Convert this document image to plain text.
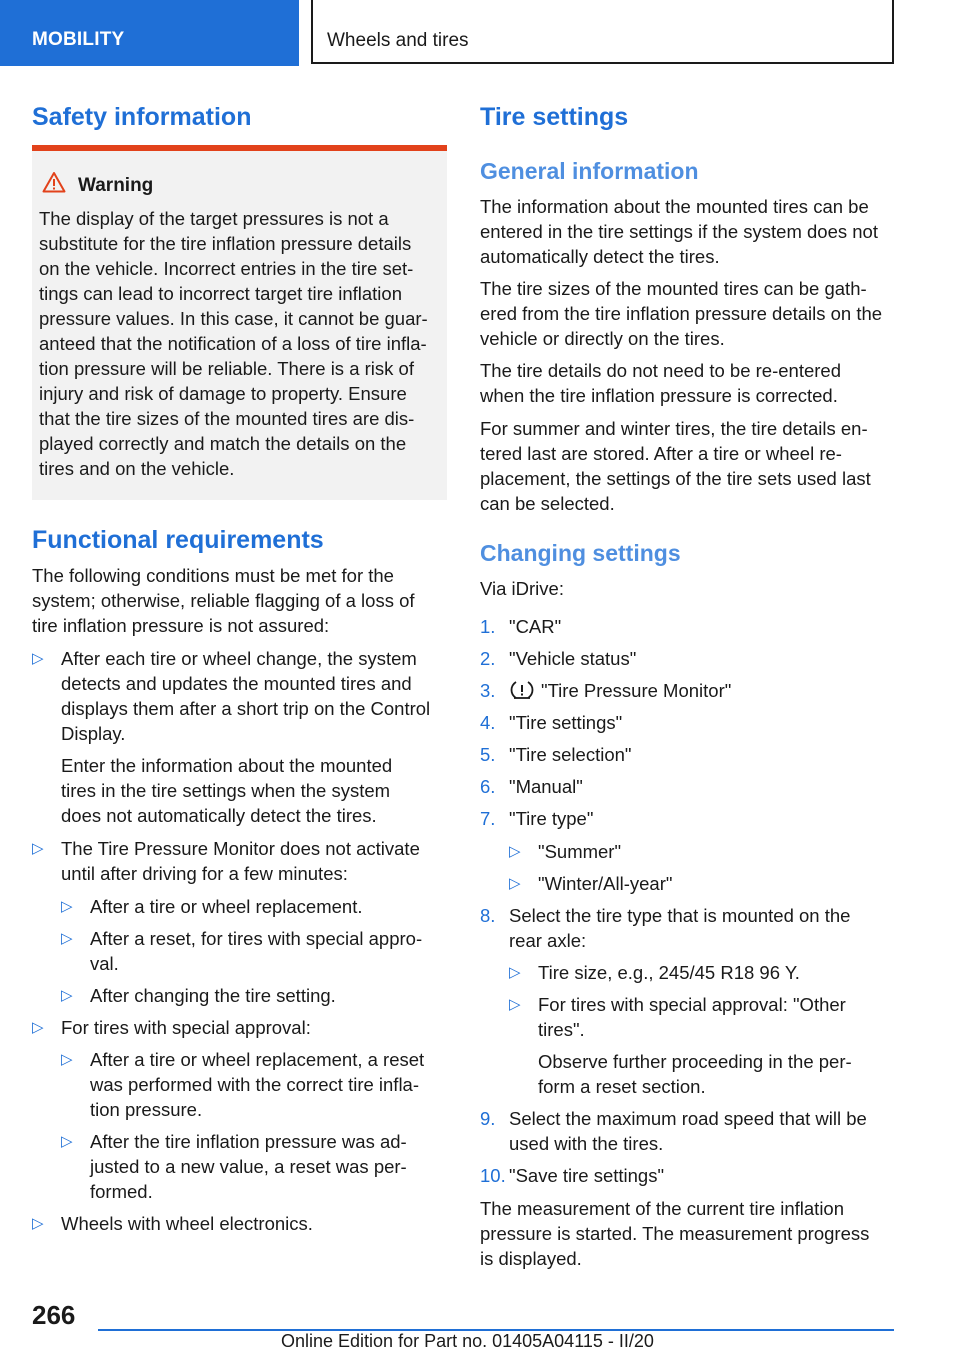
MOBILITY	Wheels and tires
Safety information
Warning
The display of the target pressures is not a
substitute for the tire inflation pressure details
on the vehicle. Incorrect entries in the tire set‐
tings can lead to incorrect target tire inflation
pressure values. In this case, it cannot be guar‐
anteed that the notification of a loss of tire infla‐
tion pressure will be reliable. There is a risk of
injury and risk of damage to property. Ensure
that the tire sizes of the mounted tires are dis‐
played correctly and match the details on the
tires and on the vehicle.
Functional requirements

The following conditions must be met for the

system; otherwise, reliable flagging of a loss of

tire inflation pressure is not assured:

▷ After each tire or wheel change, the system
detects and updates the mounted tires and
displays them after a short trip on the Control
Display.
Enter the information about the mounted
tires in the tire settings when the system
does not automatically detect the tires.
▷ The Tire Pressure Monitor does not activate
until after driving for a few minutes:
▷ After a tire or wheel replacement.
▷ After a reset, for tires with special appro‐
val.
▷ After changing the tire setting.
▷ For tires with special approval:
▷ After a tire or wheel replacement, a reset
was performed with the correct tire infla‐
tion pressure.
▷ After the tire inflation pressure was ad‐
justed to a new value, a reset was per‐
formed.
▷ Wheels with wheel electronics.
Tire settings
General information

The information about the mounted tires can be

entered in the tire settings if the system does not

automatically detect the tires.

The tire sizes of the mounted tires can be gath‐

ered from the tire inflation pressure details on the

vehicle or directly on the tires.

The tire details do not need to be re-entered

when the tire inflation pressure is corrected.

For summer and winter tires, the tire details en‐

tered last are stored. After a tire or wheel re‐

placement, the settings of the tire sets used last

can be selected.

Changing settings

Via iDrive:

1. "CAR"
2. "Vehicle status"
3.	"Tire Pressure Monitor"
4. "Tire settings"
5. "Tire selection"
6. "Manual"
7. "Tire type"
▷ "Summer"
▷ "Winter/All-year"
8. Select the tire type that is mounted on the
rear axle:
▷ Tire size, e.g., 245/45 R18 96 Y.
▷ For tires with special approval: "Other
tires".
Observe further proceeding in the per‐
form a reset section.
9. Select the maximum road speed that will be
used with the tires.
10. "Save tire settings"

The measurement of the current tire inflation

pressure is started. The measurement progress

is displayed.

266
Online Edition for Part no. 01405A04115 - II/20
